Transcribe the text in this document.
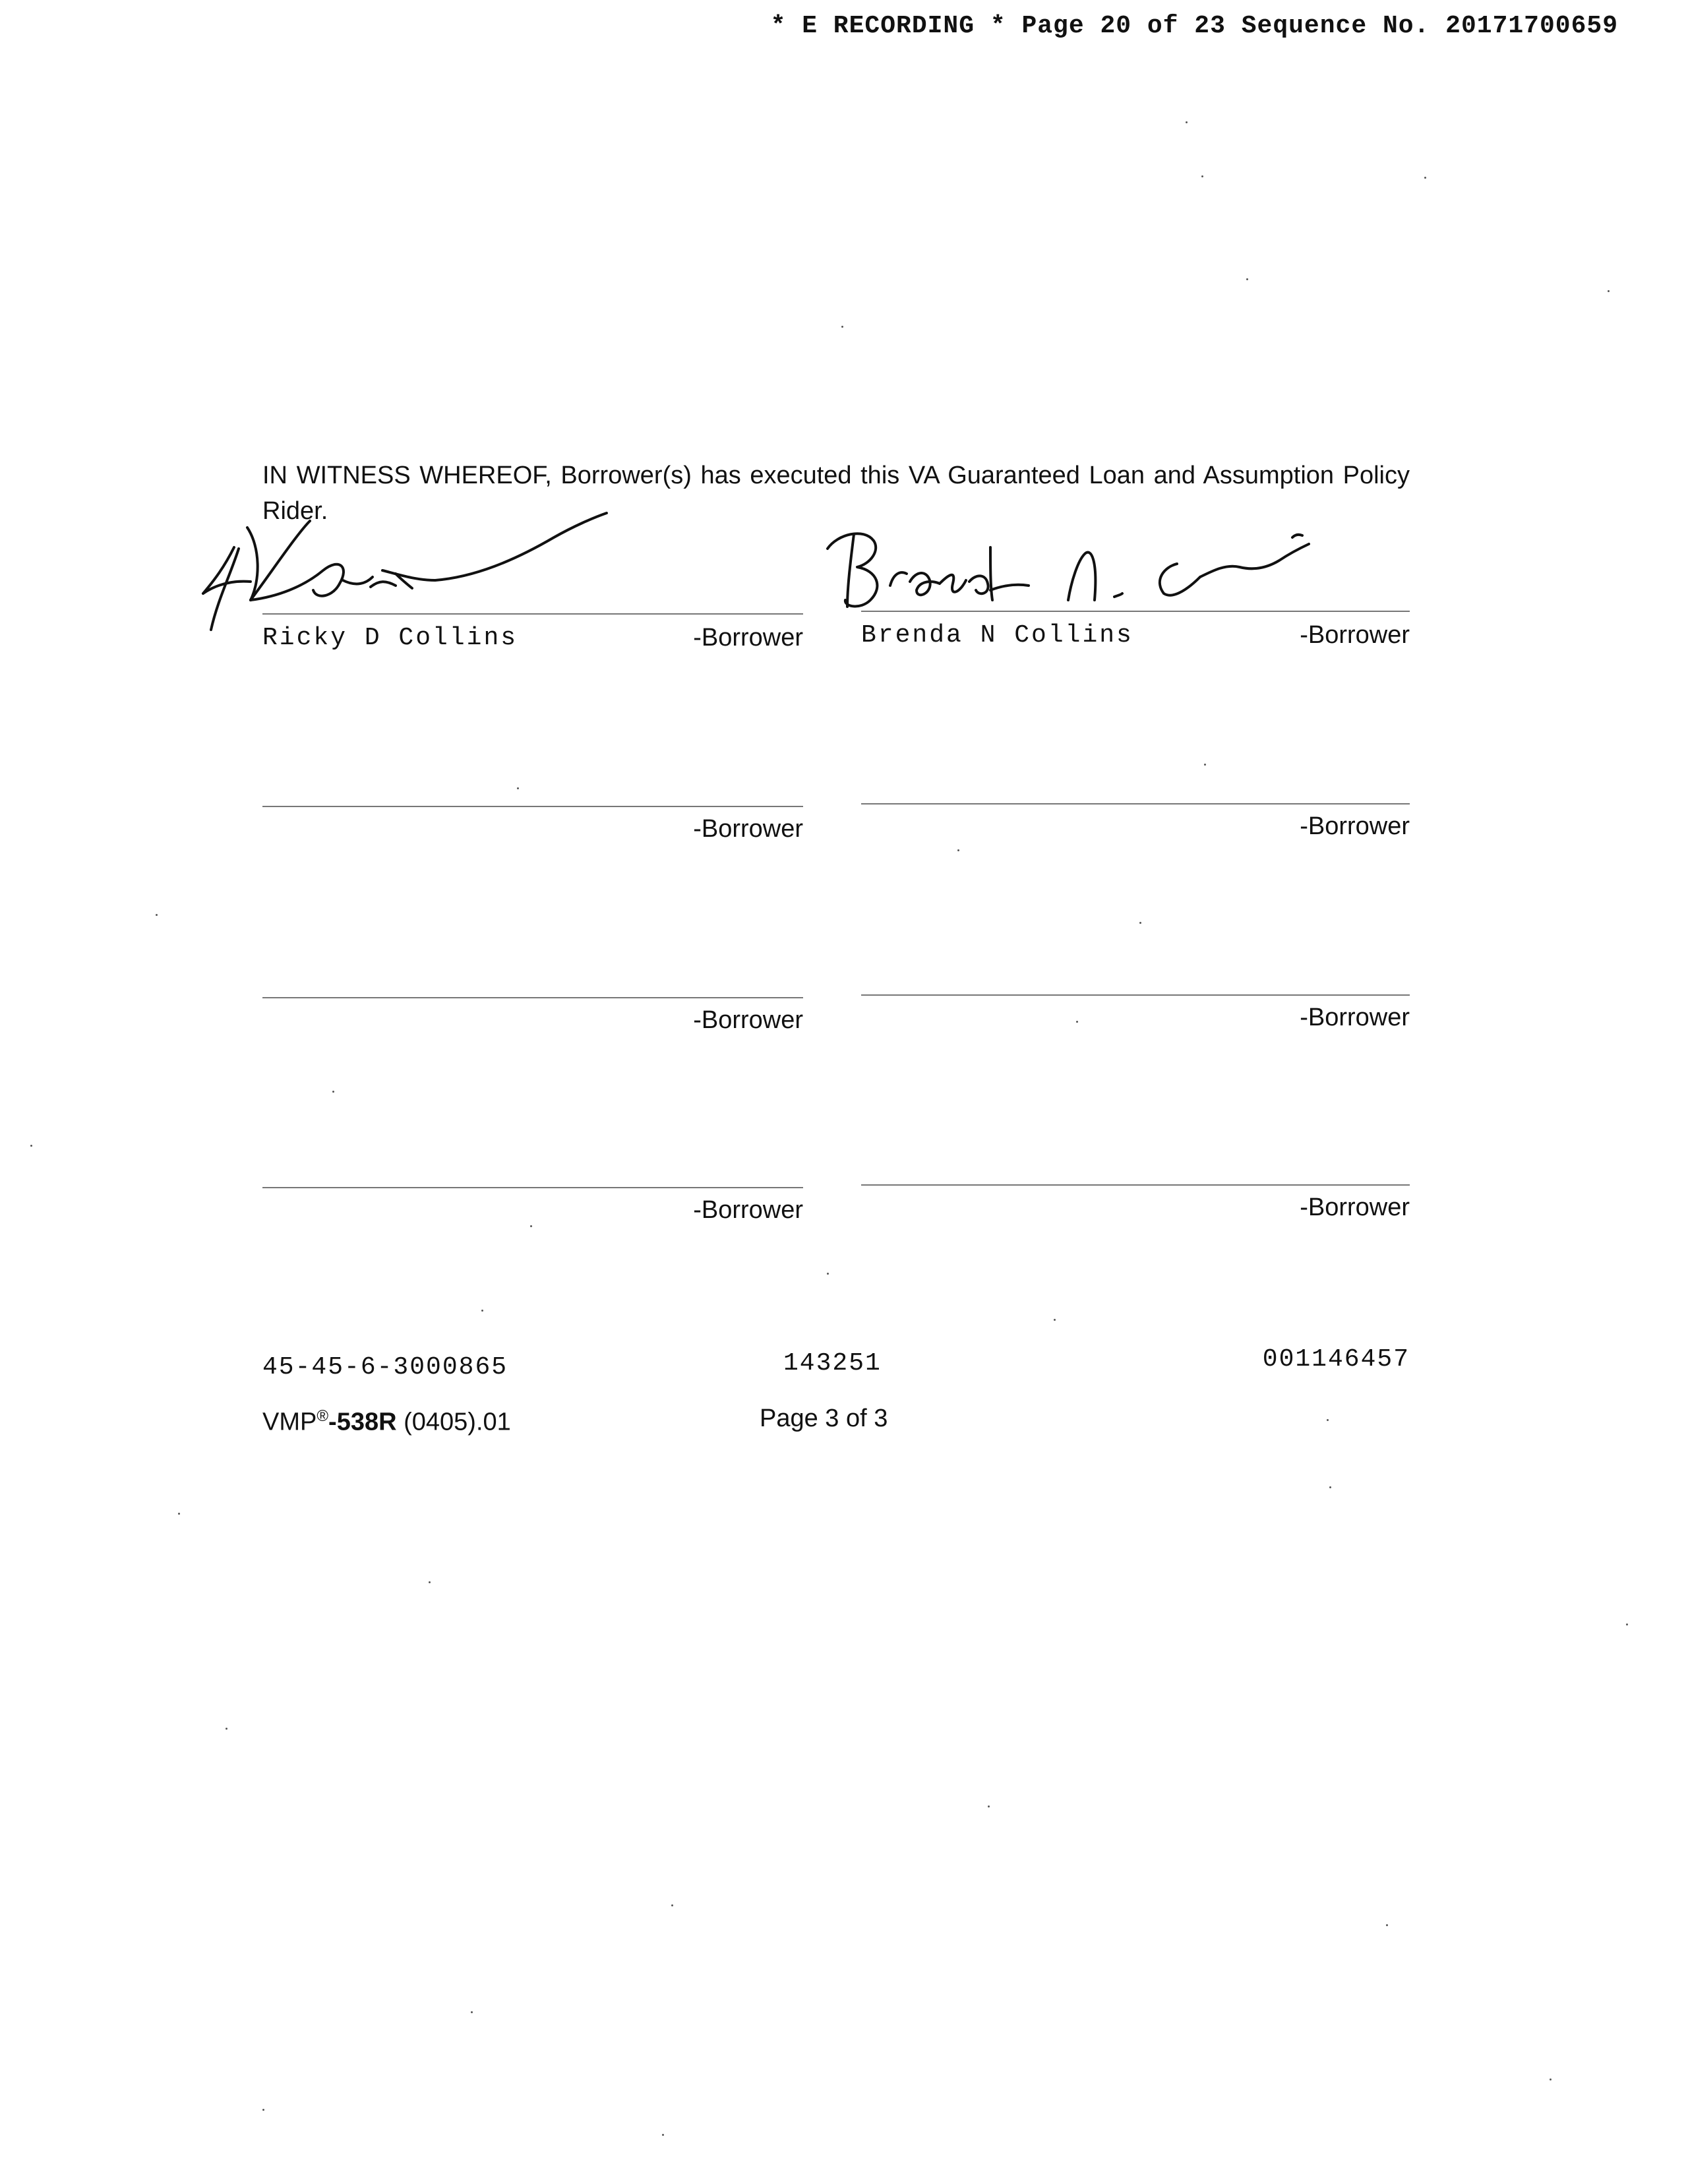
* E RECORDING * Page 20 of 23 Sequence No. 20171700659
IN WITNESS WHEREOF, Borrower(s) has executed this VA Guaranteed Loan and Assumption Policy Rider.
Ricky D Collins	Brenda N Collins
-Borrower	-Borrower
-Borrower	-Borrower
-Borrower	-Borrower
-Borrower	-Borrower
45-45-6-3000865	143251	001146457
VMP®-538R (0405).01	Page 3 of 3
